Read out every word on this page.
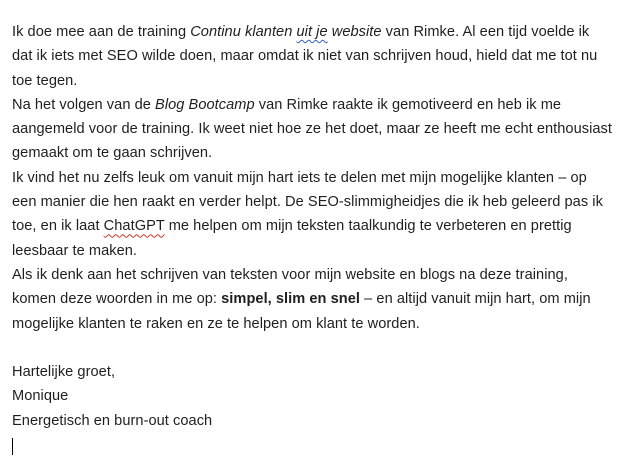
Ik doe mee aan de training Continu klanten uit je website van Rimke. Al een tijd voelde ik dat ik iets met SEO wilde doen, maar omdat ik niet van schrijven houd, hield dat me tot nu toe tegen.

Na het volgen van de Blog Bootcamp van Rimke raakte ik gemotiveerd en heb ik me aangemeld voor de training. Ik weet niet hoe ze het doet, maar ze heeft me echt enthousiast gemaakt om te gaan schrijven.

Ik vind het nu zelfs leuk om vanuit mijn hart iets te delen met mijn mogelijke klanten – op een manier die hen raakt en verder helpt. De SEO-slimmigheidjes die ik heb geleerd pas ik toe, en ik laat ChatGPT me helpen om mijn teksten taalkundig te verbeteren en prettig leesbaar te maken.

Als ik denk aan het schrijven van teksten voor mijn website en blogs na deze training, komen deze woorden in me op: simpel, slim en snel – en altijd vanuit mijn hart, om mijn mogelijke klanten te raken en ze te helpen om klant te worden.

Hartelijke groet,

Monique

Energetisch en burn-out coach
